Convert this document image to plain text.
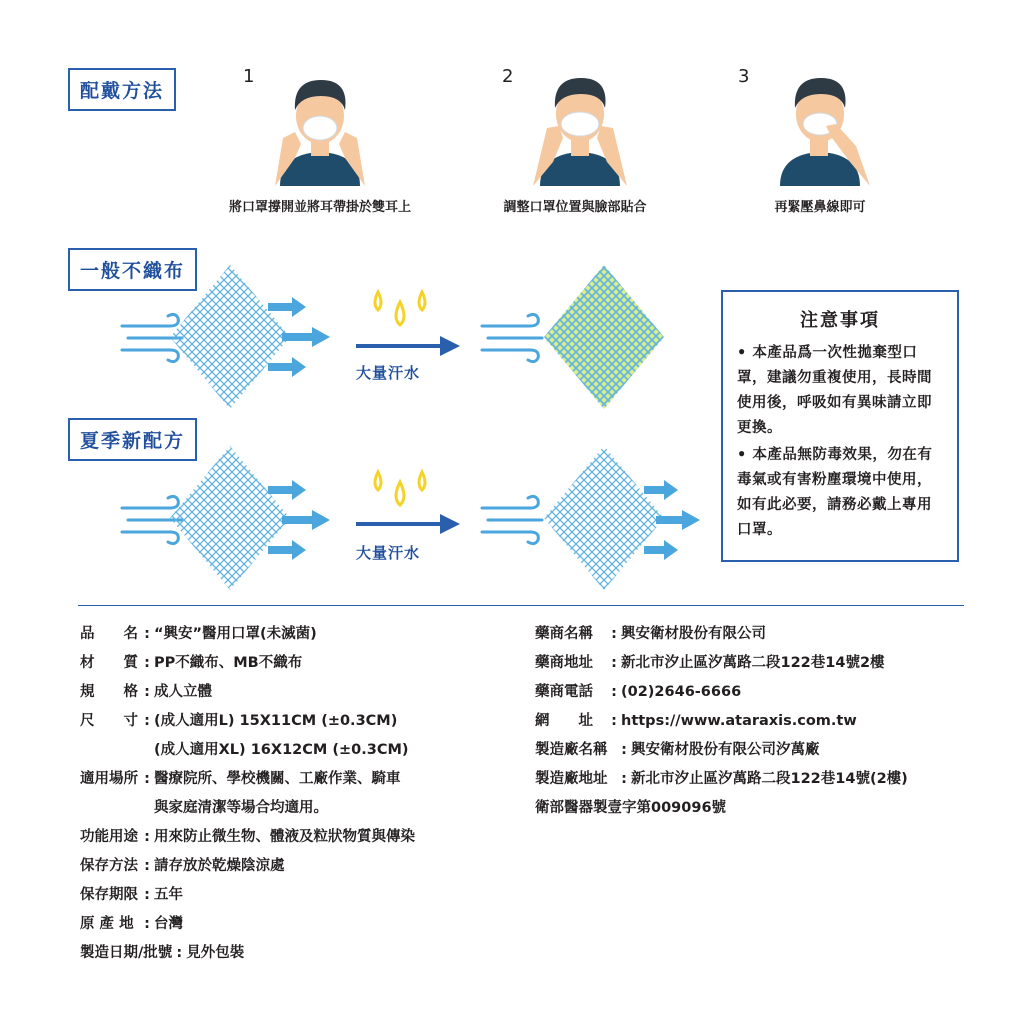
配戴方法
一般不織布
夏季新配方
1	2	3
將口罩撐開並將耳帶掛於雙耳上	調整口罩位置與臉部貼合	再緊壓鼻線即可
大量汗水
大量汗水
注意事項

• 本產品爲一次性拋棄型口罩，建議勿重複使用，長時間使用後，呼吸如有異味請立即更換。

• 本產品無防毒效果，勿在有毒氣或有害粉塵環境中使用，如有此必要，請務必戴上專用口罩。

品　　名 : “興安”醫用口罩(未滅菌)
材　　質 : PP不織布、MB不織布
規　　格 : 成人立體
尺　　寸 : (成人適用L) 15X11CM (±0.3CM)
(成人適用XL) 16X12CM (±0.3CM)
適用場所 : 醫療院所、學校機關、工廠作業、騎車
與家庭清潔等場合均適用。
功能用途 : 用來防止微生物、體液及粒狀物質與傳染
保存方法 : 請存放於乾燥陰涼處
保存期限 : 五年
原 產 地 : 台灣
製造日期/批號 : 見外包裝
藥商名稱	: 興安衛材股份有限公司
藥商地址	: 新北市汐止區汐萬路二段122巷14號2樓
藥商電話	: (02)2646-6666
網　　址	: https://www.ataraxis.com.tw
製造廠名稱 : 興安衛材股份有限公司汐萬廠
製造廠地址 : 新北市汐止區汐萬路二段122巷14號(2樓)
衛部醫器製壹字第009096號
